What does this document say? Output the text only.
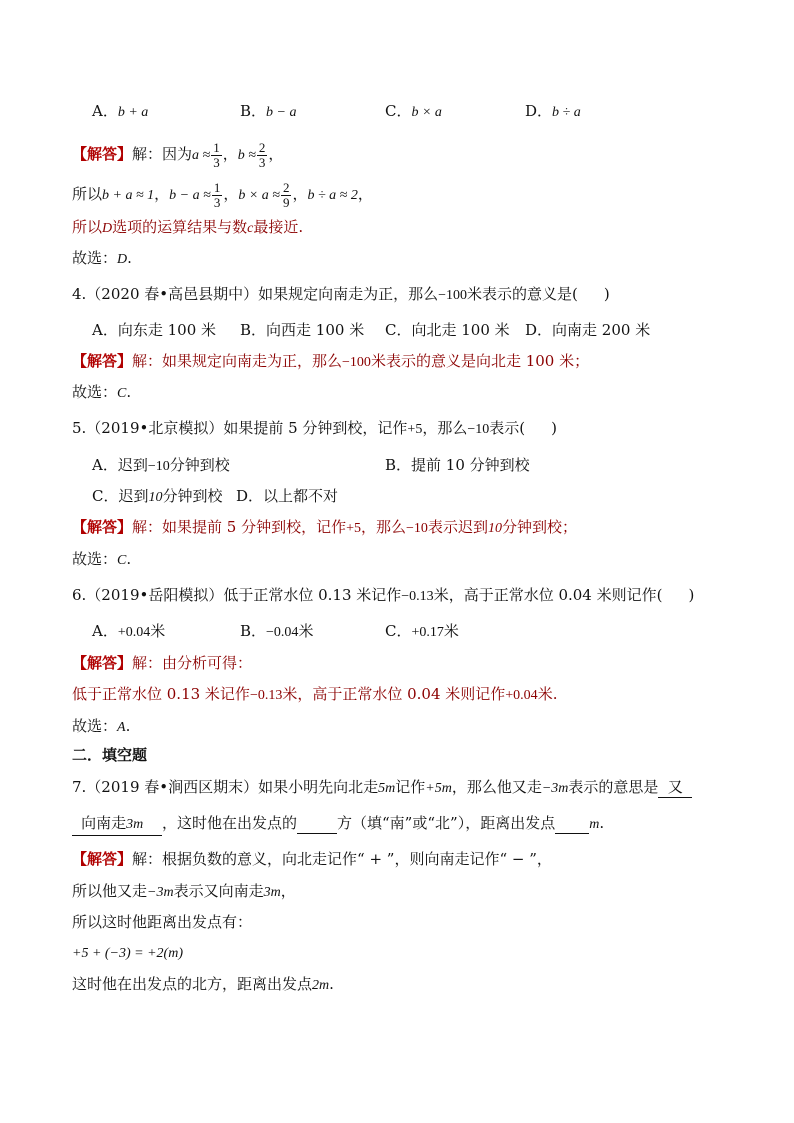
A．b + a	B．b − a	C．b × a	D．b ÷ a
【解答】解：因为$a \approx \frac{1}{3}$ ，$b \approx \frac{2}{3}$ ，
所以b + a ≈ 1，$b - a \approx \frac{1}{3}$ ，$b \times a \approx \frac{2}{9}$ ，b ÷ a ≈ 2，
所以D选项的运算结果与数c最接近.
故选：D.
4.（2020 春•高邑县期中）如果规定向南走为正，那么−100米表示的意义是( )
A．向东走 100 米 B．向西走 100 米 C．向北走 100 米 D．向南走 200 米
【解答】解：如果规定向南走为正，那么−100米表示的意义是向北走 100 米；
故选：C.
5.（2019•北京模拟）如果提前 5 分钟到校，记作+5，那么−10表示( )
A．迟到−10分钟到校	B．提前 10 分钟到校
C．迟到10分钟到校 D．以上都不对
【解答】解：如果提前 5 分钟到校，记作+5，那么−10表示迟到10分钟到校；
故选：C.
6.（2019•岳阳模拟）低于正常水位 0.13 米记作−0.13米，高于正常水位 0.04 米则记作( )
A．+0.04米	B．−0.04米	C．+0.17米
【解答】解：由分析可得：
低于正常水位 0.13 米记作−0.13米，高于正常水位 0.04 米则记作+0.04米.
故选：A.
二．填空题
7.（2019 春•涧西区期末）如果小明先向北走5m记作+5m，那么他又走−3m表示的意思是 又
向南走3m ，这时他在出发点的	方（填“南”或“北”），距离出发点 m.
【解答】解：根据负数的意义，向北走记作“ + ”，则向南走记作“ − ”，
所以他又走−3m表示又向南走3m，
所以这时他距离出发点有：
+5 + (−3) = +2(m)
这时他在出发点的北方，距离出发点2m.
